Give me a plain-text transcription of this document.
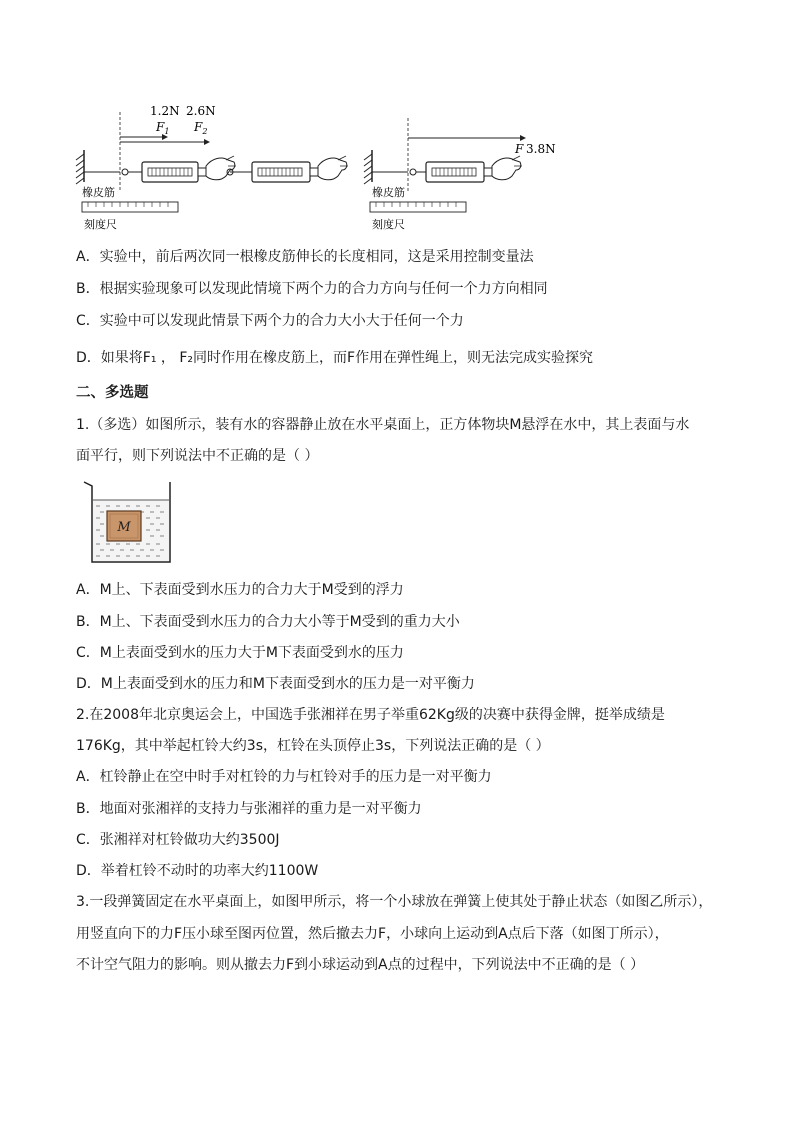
1.2N 2.6N
$F_1$ $F_2$
橡皮筋
刻度尺
F 3.8N
橡皮筋
刻度尺
A．实验中，前后两次同一根橡皮筋伸长的长度相同，这是采用控制变量法
B．根据实验现象可以发现此情境下两个力的合力方向与任何一个力方向相同
C．实验中可以发现此情景下两个力的合力大小大于任何一个力
D．如果将F₁ ， F₂同时作用在橡皮筋上，而F作用在弹性绳上，则无法完成实验探究
二、多选题
1.（多选）如图所示，装有水的容器静止放在水平桌面上，正方体物块M悬浮在水中，其上表面与水
面平行，则下列说法中不正确的是（ ）
M
A．M上、下表面受到水压力的合力大于M受到的浮力
B．M上、下表面受到水压力的合力大小等于M受到的重力大小
C．M上表面受到水的压力大于M下表面受到水的压力
D．M上表面受到水的压力和M下表面受到水的压力是一对平衡力
2.在2008年北京奥运会上，中国选手张湘祥在男子举重62Kg级的决赛中获得金牌，挺举成绩是
176Kg，其中举起杠铃大约3s，杠铃在头顶停止3s，下列说法正确的是（ ）
A．杠铃静止在空中时手对杠铃的力与杠铃对手的压力是一对平衡力
B．地面对张湘祥的支持力与张湘祥的重力是一对平衡力
C．张湘祥对杠铃做功大约3500J
D．举着杠铃不动时的功率大约1100W
3.一段弹簧固定在水平桌面上，如图甲所示，将一个小球放在弹簧上使其处于静止状态（如图乙所示），
用竖直向下的力F压小球至图丙位置，然后撤去力F，小球向上运动到A点后下落（如图丁所示），
不计空气阻力的影响。则从撤去力F到小球运动到A点的过程中，下列说法中不正确的是（ ）
